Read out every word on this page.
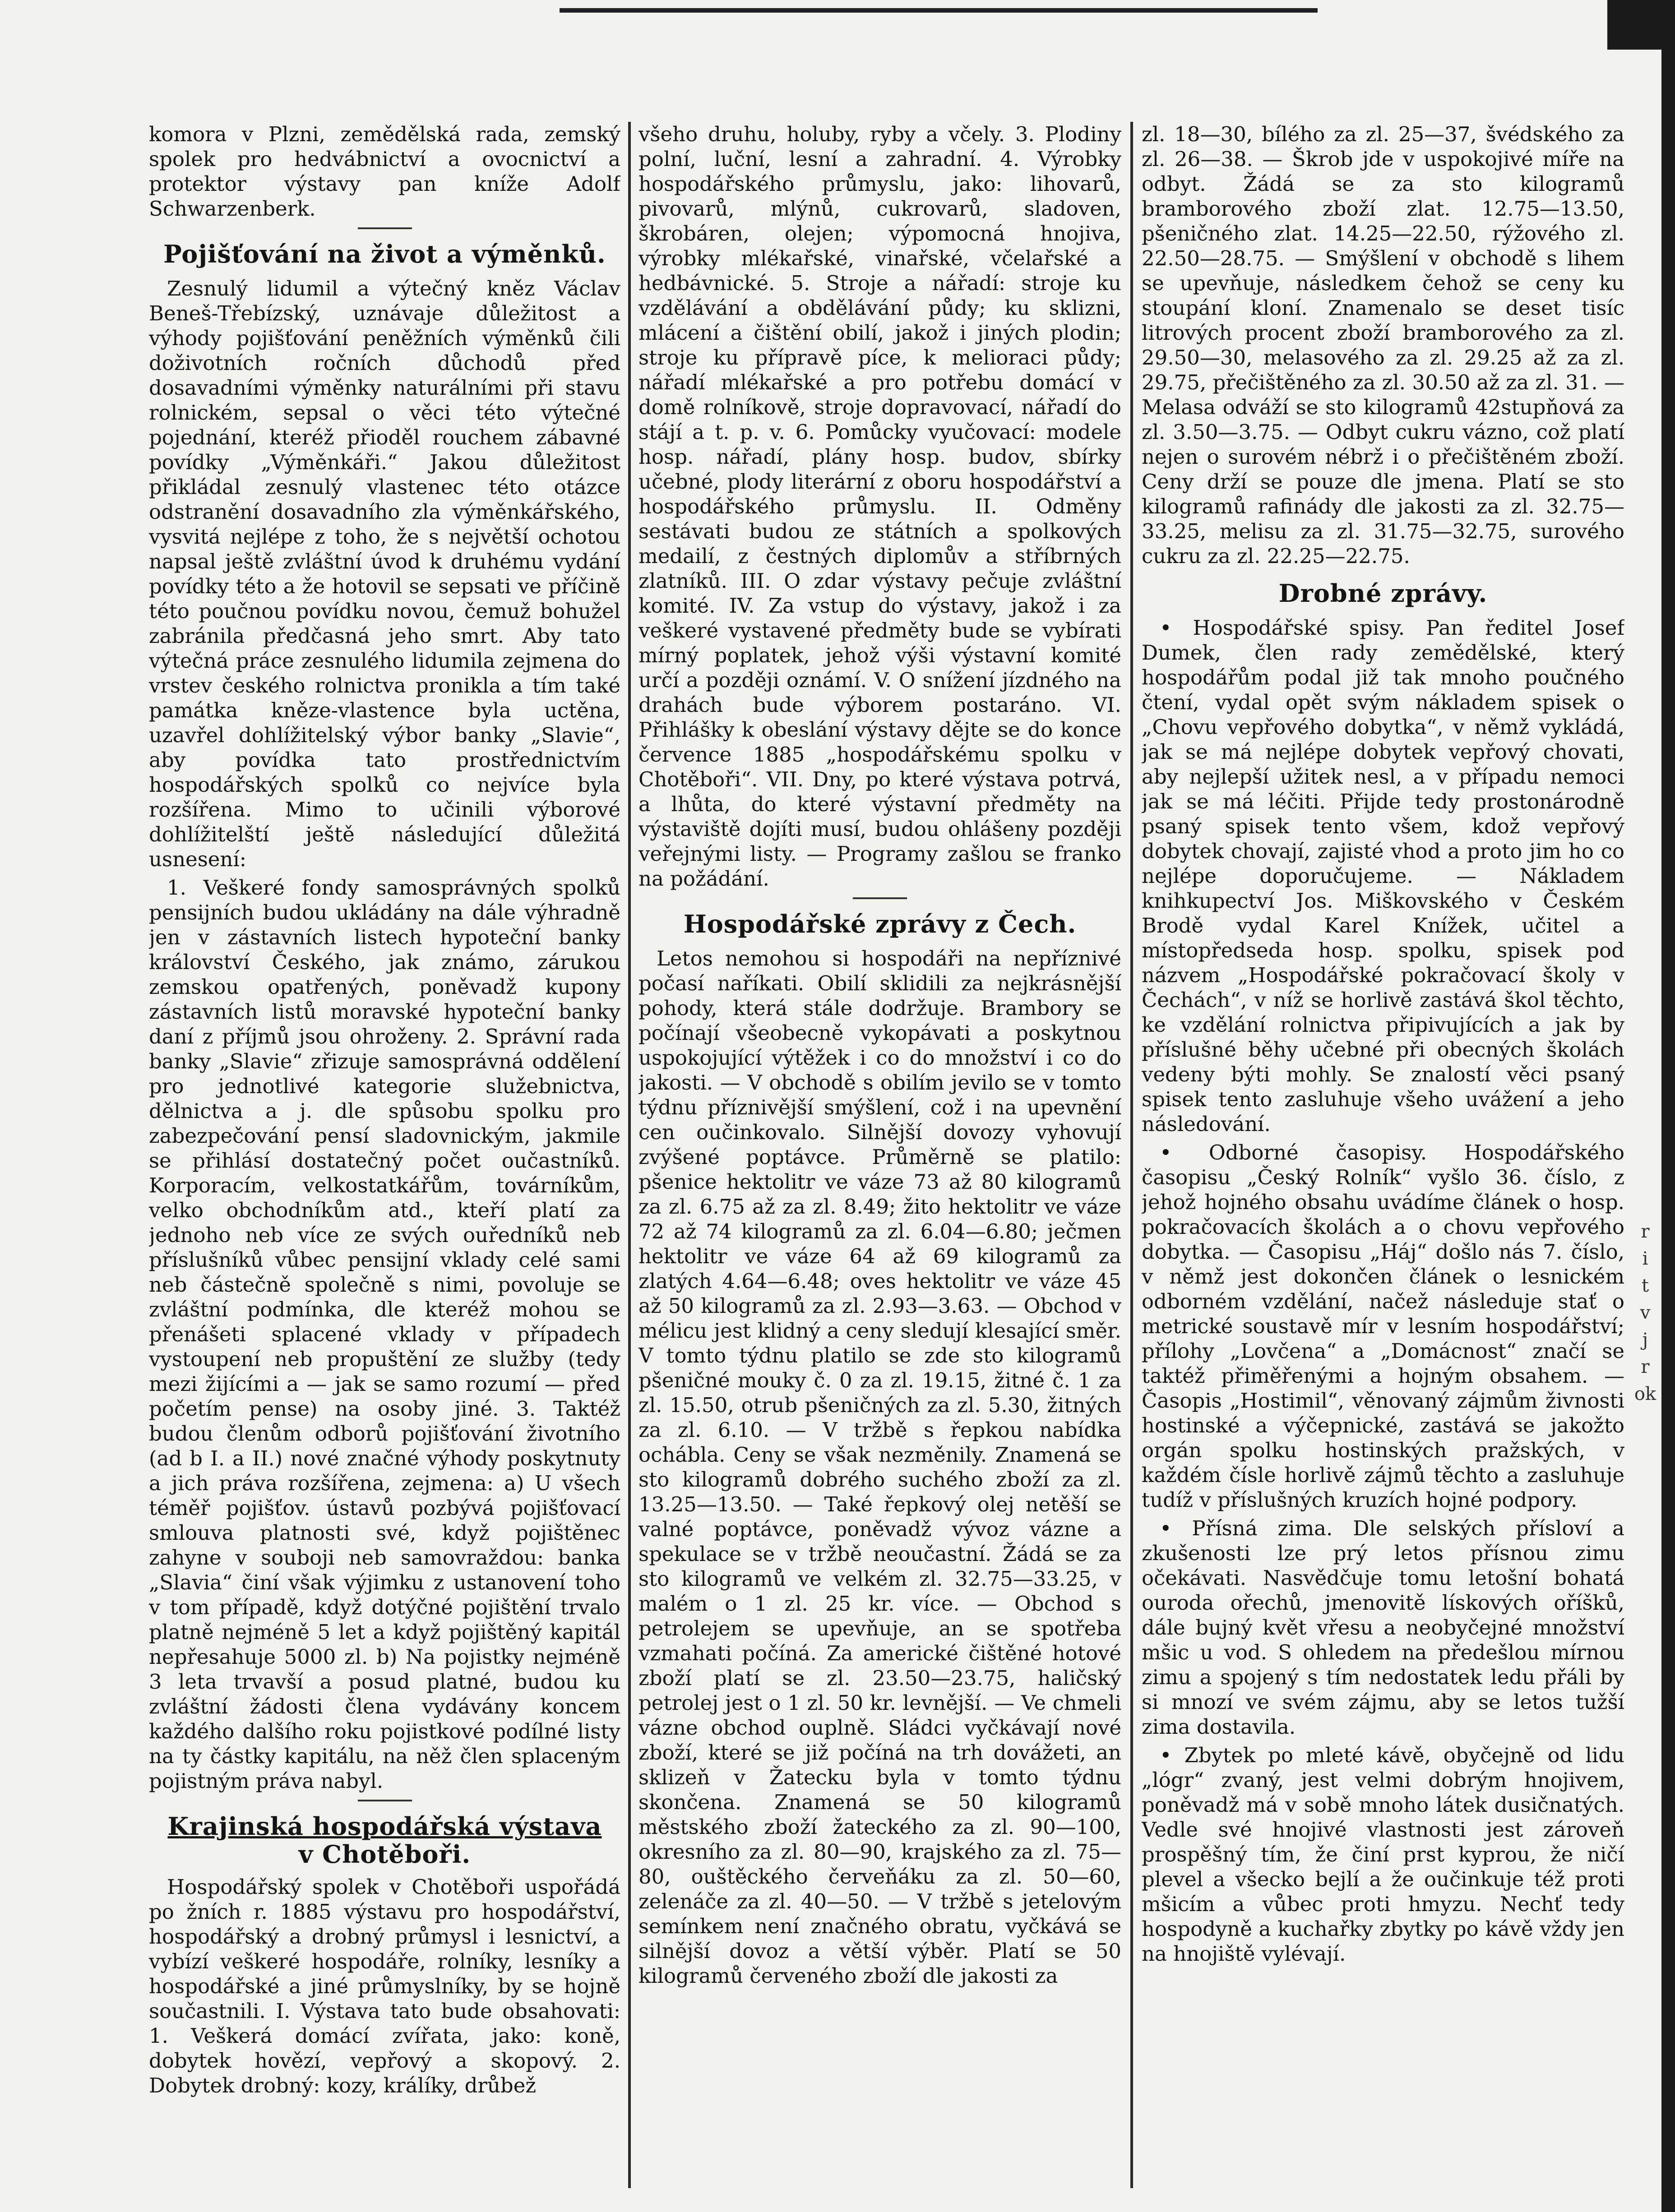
komora v Plzni, zemědělská rada, zemský spolek pro hedvábnictví a ovocnictví a protektor výstavy pan kníže Adolf Schwarzenberk.

Pojišťování na život a výměnků.

Zesnulý lidumil a výtečný kněz Václav Beneš-Třebízský, uznávaje důležitost a výhody pojišťování peněžních výměnků čili doživotních ročních důchodů před dosavadními výměnky naturálními při stavu rolnickém, sepsal o věci této výtečné pojednání, kteréž přioděl rouchem zábavné povídky „Výměnkáři.“ Jakou důležitost přikládal zesnulý vlastenec této otázce odstranění dosavadního zla výměnkářského, vysvitá nejlépe z toho, že s největší ochotou napsal ještě zvláštní úvod k druhému vydání povídky této a že hotovil se sepsati ve příčině této poučnou povídku novou, čemuž bohužel zabránila předčasná jeho smrt. Aby tato výtečná práce zesnulého lidumila zejmena do vrstev českého rolnictva pronikla a tím také památka kněze-vlastence byla uctěna, uzavřel dohlížitelský výbor banky „Slavie“, aby povídka tato prostřednictvím hospodářských spolků co nejvíce byla rozšířena. Mimo to učinili výborové dohlížitelští ještě následující důležitá usnesení:

1. Veškeré fondy samosprávných spolků pensijních budou ukládány na dále výhradně jen v zástavních listech hypoteční banky království Českého, jak známo, zárukou zemskou opatřených, poněvadž kupony zástavních listů moravské hypoteční banky daní z příjmů jsou ohroženy. 2. Správní rada banky „Slavie“ zřizuje samosprávná oddělení pro jednotlivé kategorie služebnictva, dělnictva a j. dle spůsobu spolku pro zabezpečování pensí sladovnickým, jakmile se přihlásí dostatečný počet oučastníků. Korporacím, velkostatkářům, továrníkům, velko obchodníkům atd., kteří platí za jednoho neb více ze svých ouředníků neb příslušníků vůbec pensijní vklady celé sami neb částečně společně s nimi, povoluje se zvláštní podmínka, dle kteréž mohou se přenášeti splacené vklady v případech vystoupení neb propuštění ze služby (tedy mezi žijícími a — jak se samo rozumí — před početím pense) na osoby jiné. 3. Taktéž budou členům odborů pojišťování životního (ad b I. a II.) nové značné výhody poskytnuty a jich práva rozšířena, zejmena: a) U všech téměř pojišťov. ústavů pozbývá pojišťovací smlouva platnosti své, když pojištěnec zahyne v souboji neb samovraždou: banka „Slavia“ činí však výjimku z ustanovení toho v tom případě, když dotýčné pojištění trvalo platně nejméně 5 let a když pojištěný kapitál nepřesahuje 5000 zl. b) Na pojistky nejméně 3 leta trvavší a posud platné, budou ku zvláštní žádosti člena vydávány koncem každého dalšího roku pojistkové podílné listy na ty částky kapitálu, na něž člen splaceným pojistným práva nabyl.

Krajinská hospodářská výstava
v Chotěboři.

Hospodářský spolek v Chotěboři uspořádá po žních r. 1885 výstavu pro hospodářství, hospodářský a drobný průmysl i lesnictví, a vybízí veškeré hospodáře, rolníky, lesníky a hospodářské a jiné průmyslníky, by se hojně součastnili. I. Výstava tato bude obsahovati: 1. Veškerá domácí zvířata, jako: koně, dobytek hovězí, vepřový a skopový. 2. Dobytek drobný: kozy, králíky, drůbež

všeho druhu, holuby, ryby a včely. 3. Plodiny polní, luční, lesní a zahradní. 4. Výrobky hospodářského průmyslu, jako: lihovarů, pivovarů, mlýnů, cukrovarů, sladoven, škrobáren, olejen; výpomocná hnojiva, výrobky mlékařské, vinařské, včelařské a hedbávnické. 5. Stroje a nářadí: stroje ku vzdělávání a obdělávání půdy; ku sklizni, mlácení a čištění obilí, jakož i jiných plodin; stroje ku přípravě píce, k melioraci půdy; nářadí mlékařské a pro potřebu domácí v domě rolníkově, stroje dopravovací, nářadí do stájí a t. p. v. 6. Pomůcky vyučovací: modele hosp. nářadí, plány hosp. budov, sbírky učebné, plody literární z oboru hospodářství a hospodářského průmyslu. II. Odměny sestávati budou ze státních a spolkových medailí, z čestných diplomův a stříbrných zlatníků. III. O zdar výstavy pečuje zvláštní komité. IV. Za vstup do výstavy, jakož i za veškeré vystavené předměty bude se vybírati mírný poplatek, jehož výši výstavní komité určí a později oznámí. V. O snížení jízdného na drahách bude výborem postaráno. VI. Přihlášky k obeslání výstavy dějte se do konce července 1885 „hospodářskému spolku v Chotěboři“. VII. Dny, po které výstava potrvá, a lhůta, do které výstavní předměty na výstaviště dojíti musí, budou ohlášeny později veřejnými listy. — Programy zašlou se franko na požádání.

Hospodářské zprávy z Čech.

Letos nemohou si hospodáři na nepříznivé počasí naříkati. Obilí sklidili za nejkrásnější pohody, která stále dodržuje. Brambory se počínají všeobecně vykopávati a poskytnou uspokojující výtěžek i co do množství i co do jakosti. — V obchodě s obilím jevilo se v tomto týdnu příznivější smýšlení, což i na upevnění cen oučinkovalo. Silnější dovozy vyhovují zvýšené poptávce. Průměrně se platilo: pšenice hektolitr ve váze 73 až 80 kilogramů za zl. 6.75 až za zl. 8.49; žito hektolitr ve váze 72 až 74 kilogramů za zl. 6.04—6.80; ječmen hektolitr ve váze 64 až 69 kilogramů za zlatých 4.64—6.48; oves hektolitr ve váze 45 až 50 kilogramů za zl. 2.93—3.63. — Obchod v mélicu jest klidný a ceny sledují klesající směr. V tomto týdnu platilo se zde sto kilogramů pšeničné mouky č. 0 za zl. 19.15, žitné č. 1 za zl. 15.50, otrub pšeničných za zl. 5.30, žitných za zl. 6.10. — V tržbě s řepkou nabídka ochábla. Ceny se však nezměnily. Znamená se sto kilogramů dobrého suchého zboží za zl. 13.25—13.50. — Také řepkový olej netěší se valné poptávce, poněvadž vývoz vázne a spekulace se v tržbě neoučastní. Žádá se za sto kilogramů ve velkém zl. 32.75—33.25, v malém o 1 zl. 25 kr. více. — Obchod s petrolejem se upevňuje, an se spotřeba vzmahati počíná. Za americké čištěné hotové zboží platí se zl. 23.50—23.75, haličský petrolej jest o 1 zl. 50 kr. levnější. — Ve chmeli vázne obchod ouplně. Sládci vyčkávají nové zboží, které se již počíná na trh dovážeti, an sklizeň v Žatecku byla v tomto týdnu skončena. Znamená se 50 kilogramů městského zboží žateckého za zl. 90—100, okresního za zl. 80—90, krajského za zl. 75—80, ouštěckého červeňáku za zl. 50—60, zelenáče za zl. 40—50. — V tržbě s jetelovým semínkem není značného obratu, vyčkává se silnější dovoz a větší výběr. Platí se 50 kilogramů červeného zboží dle jakosti za

zl. 18—30, bílého za zl. 25—37, švédského za zl. 26—38. — Škrob jde v uspokojivé míře na odbyt. Žádá se za sto kilogramů bramborového zboží zlat. 12.75—13.50, pšeničného zlat. 14.25—22.50, rýžového zl. 22.50—28.75. — Smýšlení v obchodě s lihem se upevňuje, následkem čehož se ceny ku stoupání kloní. Znamenalo se deset tisíc litrových procent zboží bramborového za zl. 29.50—30, melasového za zl. 29.25 až za zl. 29.75, přečištěného za zl. 30.50 až za zl. 31. — Melasa odváží se sto kilogramů 42stupňová za zl. 3.50—3.75. — Odbyt cukru vázno, což platí nejen o surovém nébrž i o přečištěném zboží. Ceny drží se pouze dle jmena. Platí se sto kilogramů rafinády dle jakosti za zl. 32.75—33.25, melisu za zl. 31.75—32.75, surového cukru za zl. 22.25—22.75.

Drobné zprávy.

• Hospodářské spisy. Pan ředitel Josef Dumek, člen rady zemědělské, který hospodářům podal již tak mnoho poučného čtení, vydal opět svým nákladem spisek o „Chovu vepřového dobytka“, v němž vykládá, jak se má nejlépe dobytek vepřový chovati, aby nejlepší užitek nesl, a v případu nemoci jak se má léčiti. Přijde tedy prostonárodně psaný spisek tento všem, kdož vepřový dobytek chovají, zajisté vhod a proto jim ho co nejlépe doporučujeme. — Nákladem knihkupectví Jos. Miškovského v Českém Brodě vydal Karel Knížek, učitel a místopředseda hosp. spolku, spisek pod názvem „Hospodářské pokračovací školy v Čechách“, v níž se horlivě zastává škol těchto, ke vzdělání rolnictva připivujících a jak by příslušné běhy učebné při obecných školách vedeny býti mohly. Se znalostí věci psaný spisek tento zasluhuje všeho uvážení a jeho následování.

• Odborné časopisy. Hospodářského časopisu „Český Rolník“ vyšlo 36. číslo, z jehož hojného obsahu uvádíme článek o hosp. pokračovacích školách a o chovu vepřového dobytka. — Časopisu „Háj“ došlo nás 7. číslo, v němž jest dokončen článek o lesnickém odborném vzdělání, načež následuje stať o metrické soustavě mír v lesním hospodářství; přílohy „Lovčena“ a „Domácnost“ značí se taktéž přiměřenými a hojným obsahem. — Časopis „Hostimil“, věnovaný zájmům živnosti hostinské a výčepnické, zastává se jakožto orgán spolku hostinských pražských, v každém čísle horlivě zájmů těchto a zasluhuje tudíž v příslušných kruzích hojné podpory.

• Přísná zima. Dle selských přísloví a zkušenosti lze prý letos přísnou zimu očekávati. Nasvědčuje tomu letošní bohatá ouroda ořechů, jmenovitě lískových oříšků, dále bujný květ vřesu a neobyčejné množství mšic u vod. S ohledem na předešlou mírnou zimu a spojený s tím nedostatek ledu přáli by si mnozí ve svém zájmu, aby se letos tužší zima dostavila.

• Zbytek po mleté kávě, obyčejně od lidu „lógr“ zvaný, jest velmi dobrým hnojivem, poněvadž má v sobě mnoho látek dusičnatých. Vedle své hnojivé vlastnosti jest zároveň prospěšný tím, že činí prst kyprou, že ničí plevel a všecko bejlí a že oučinkuje též proti mšicím a vůbec proti hmyzu. Nechť tedy hospodyně a kuchařky zbytky po kávě vždy jen na hnojiště vylévají.

r
i
t
v
j
r
ok
